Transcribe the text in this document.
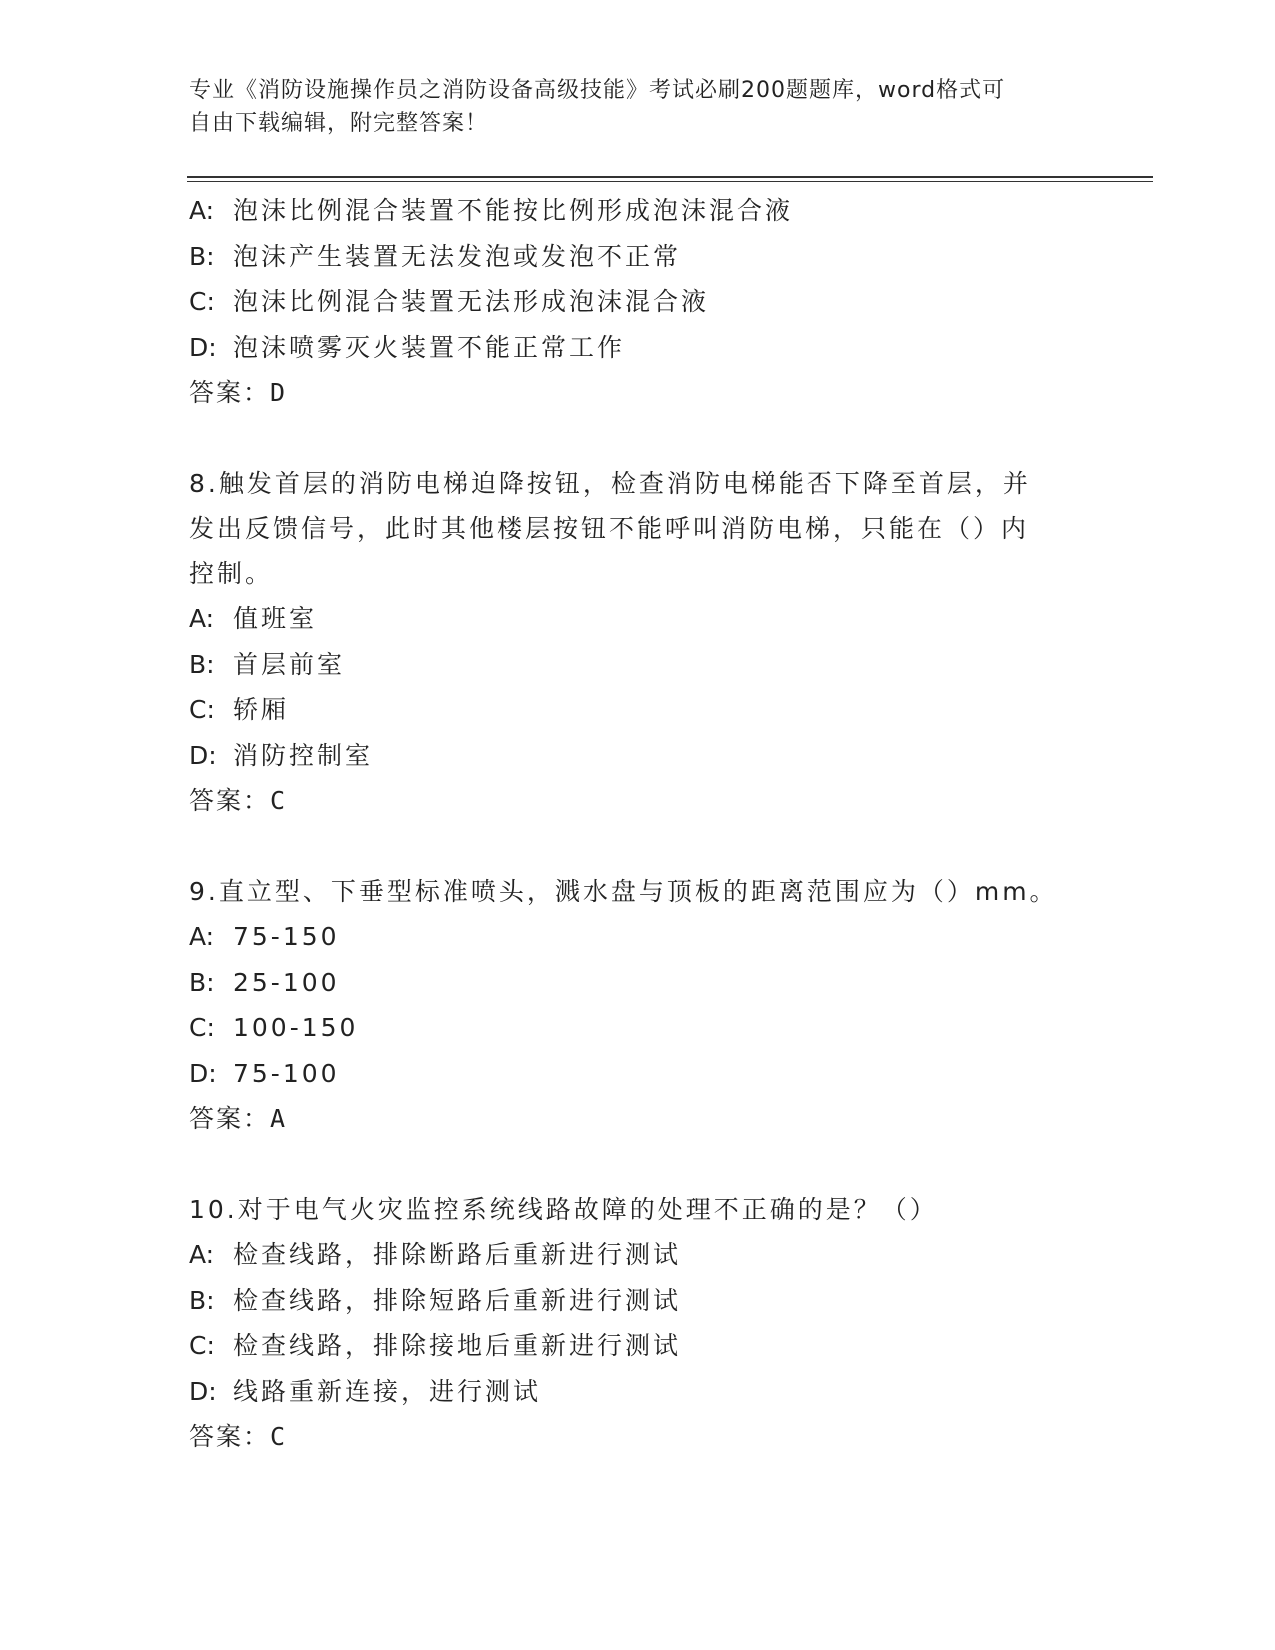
专业《消防设施操作员之消防设备高级技能》考试必刷200题题库，word格式可
自由下载编辑，附完整答案！

A: 泡沫比例混合装置不能按比例形成泡沫混合液

B: 泡沫产生装置无法发泡或发泡不正常

C: 泡沫比例混合装置无法形成泡沫混合液

D: 泡沫喷雾灭火装置不能正常工作

答案：D

8.触发首层的消防电梯迫降按钮，检查消防电梯能否下降至首层，并

发出反馈信号，此时其他楼层按钮不能呼叫消防电梯，只能在（）内

控制。

A: 值班室

B: 首层前室

C: 轿厢

D: 消防控制室

答案：C

9.直立型、下垂型标准喷头，溅水盘与顶板的距离范围应为（）mm。

A: 75-150

B: 25-100

C: 100-150

D: 75-100

答案：A

10.对于电气火灾监控系统线路故障的处理不正确的是？（）

A: 检查线路，排除断路后重新进行测试

B: 检查线路，排除短路后重新进行测试

C: 检查线路，排除接地后重新进行测试

D: 线路重新连接，进行测试

答案：C
